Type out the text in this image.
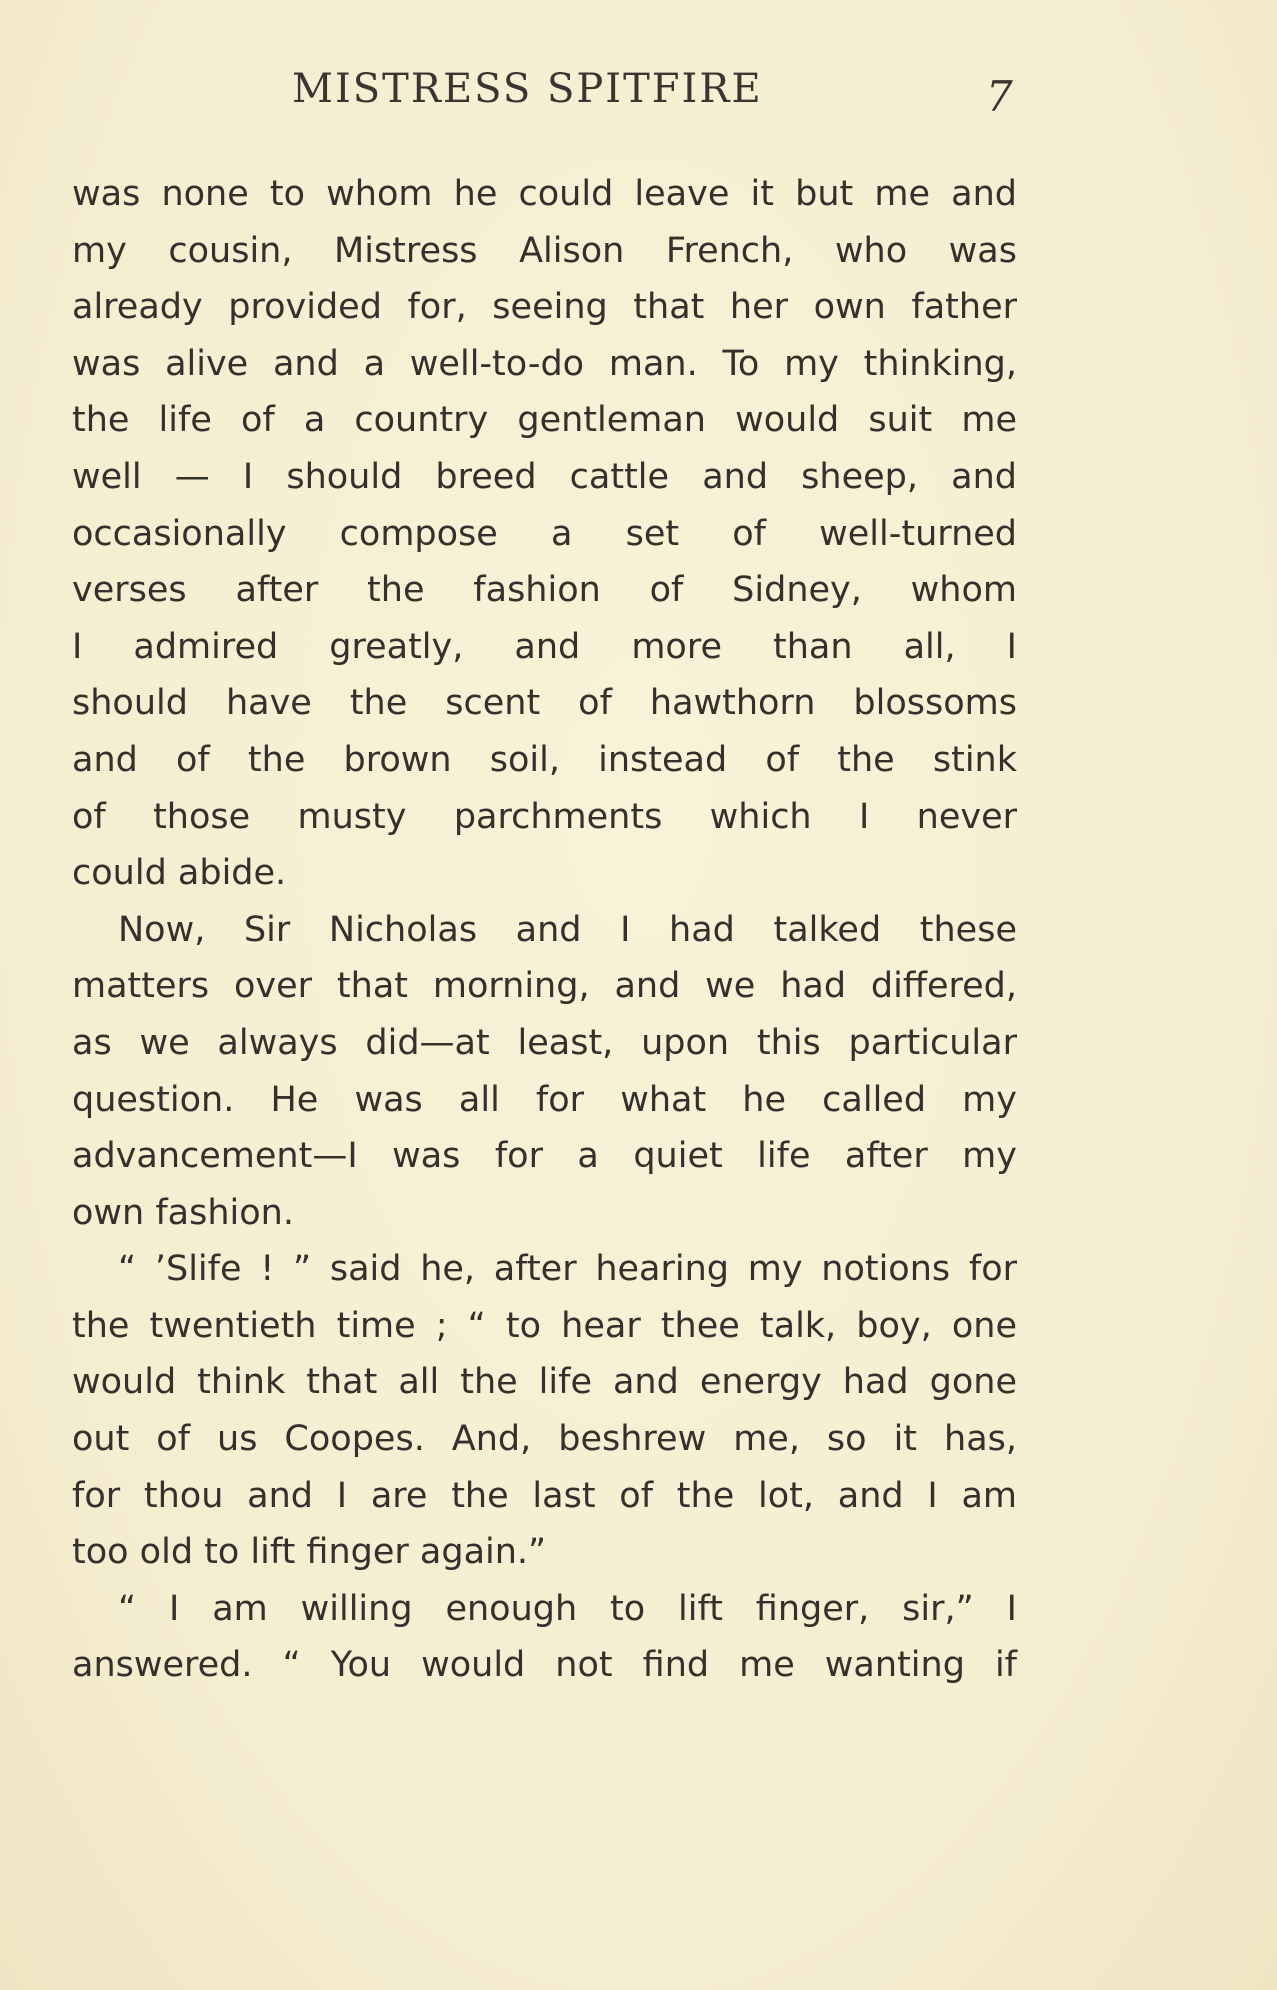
MISTRESS SPITFIRE	7
was none to whom he could leave it but me and
my cousin, Mistress Alison French, who was
already provided for, seeing that her own father
was alive and a well-to-do man. To my thinking,
the life of a country gentleman would suit me
well — I should breed cattle and sheep, and
occasionally compose a set of well-turned
verses after the fashion of Sidney, whom
I admired greatly, and more than all, I
should have the scent of hawthorn blossoms
and of the brown soil, instead of the stink
of those musty parchments which I never
could abide.
Now, Sir Nicholas and I had talked these
matters over that morning, and we had differed,
as we always did—at least, upon this particular
question. He was all for what he called my
advancement—I was for a quiet life after my
own fashion.
“ ’Slife ! ” said he, after hearing my notions for
the twentieth time ; “ to hear thee talk, boy, one
would think that all the life and energy had gone
out of us Coopes. And, beshrew me, so it has,
for thou and I are the last of the lot, and I am
too old to lift finger again.”
“ I am willing enough to lift finger, sir,” I
answered. “ You would not find me wanting if
